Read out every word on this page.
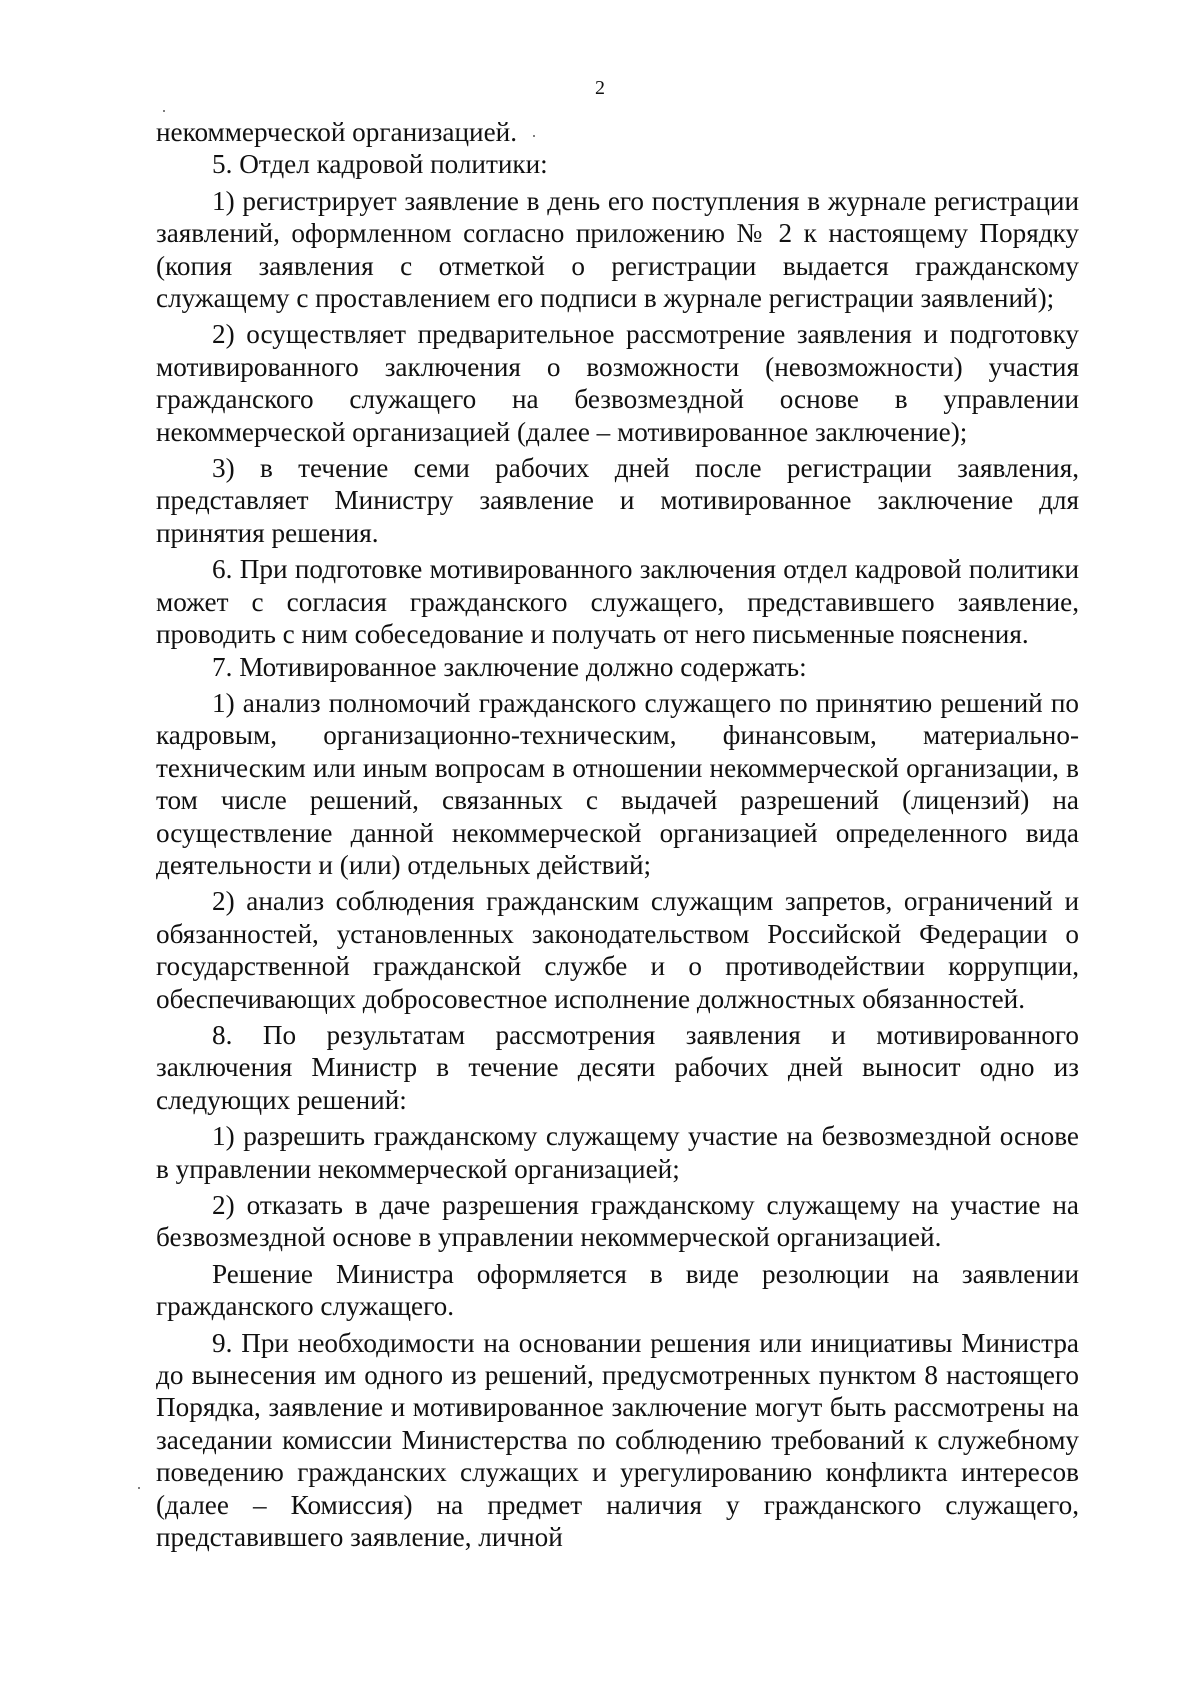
2

некоммерческой организацией.

5. Отдел кадровой политики:

1) регистрирует заявление в день его поступления в журнале регистрации заявлений, оформленном согласно приложению № 2 к настоящему Порядку (копия заявления с отметкой о регистрации выдается гражданскому служащему с проставлением его подписи в журнале регистрации заявлений);

2) осуществляет предварительное рассмотрение заявления и подготовку мотивированного заключения о возможности (невозможности) участия гражданского служащего на безвозмездной основе в управлении некоммерческой организацией (далее – мотивированное заключение);

3) в течение семи рабочих дней после регистрации заявления, представляет Министру заявление и мотивированное заключение для принятия решения.

6. При подготовке мотивированного заключения отдел кадровой политики может с согласия гражданского служащего, представившего заявление, проводить с ним собеседование и получать от него письменные пояснения.

7. Мотивированное заключение должно содержать:

1) анализ полномочий гражданского служащего по принятию решений по кадровым, организационно-техническим, финансовым, материально-техническим или иным вопросам в отношении некоммерческой организации, в том числе решений, связанных с выдачей разрешений (лицензий) на осуществление данной некоммерческой организацией определенного вида деятельности и (или) отдельных действий;

2) анализ соблюдения гражданским служащим запретов, ограничений и обязанностей, установленных законодательством Российской Федерации о государственной гражданской службе и о противодействии коррупции, обеспечивающих добросовестное исполнение должностных обязанностей.

8. По результатам рассмотрения заявления и мотивированного заключения Министр в течение десяти рабочих дней выносит одно из следующих решений:

1) разрешить гражданскому служащему участие на безвозмездной основе в управлении некоммерческой организацией;

2) отказать в даче разрешения гражданскому служащему на участие на безвозмездной основе в управлении некоммерческой организацией.

Решение Министра оформляется в виде резолюции на заявлении гражданского служащего.

9. При необходимости на основании решения или инициативы Министра до вынесения им одного из решений, предусмотренных пунктом 8 настоящего Порядка, заявление и мотивированное заключение могут быть рассмотрены на заседании комиссии Министерства по соблюдению требований к служебному поведению гражданских служащих и урегулированию конфликта интересов (далее – Комиссия) на предмет наличия у гражданского служащего, представившего заявление, личной
